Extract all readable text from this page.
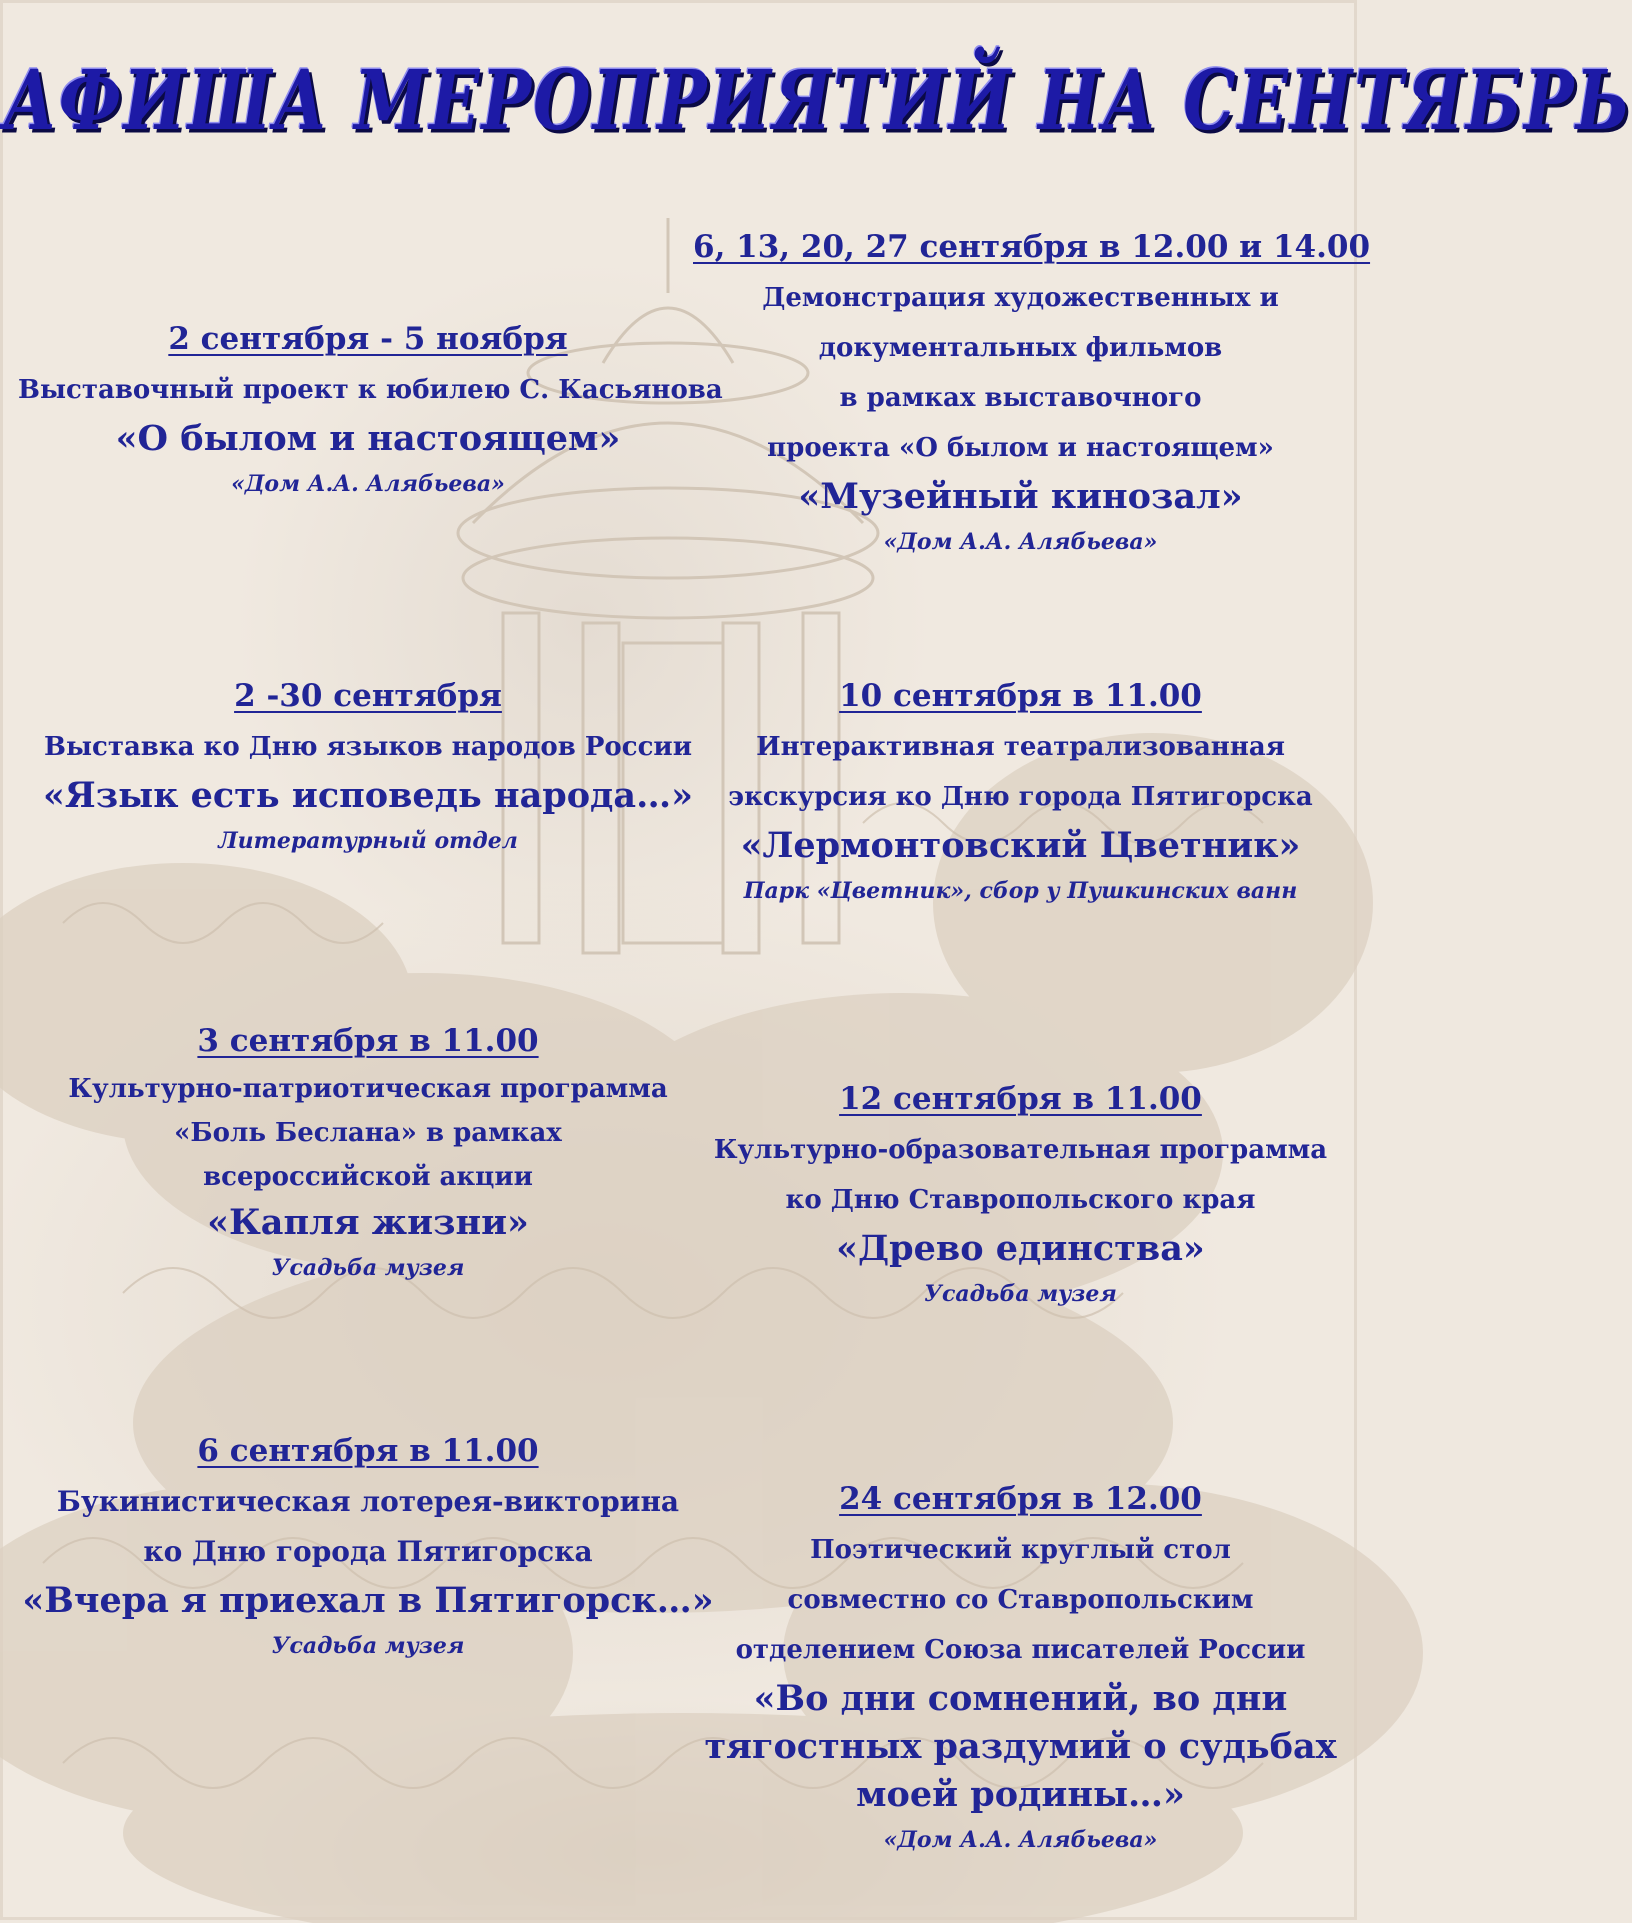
АФИША МЕРОПРИЯТИЙ НА СЕНТЯБРЬ
2 сентября - 5 ноября
Выставочный проект к юбилею С. Касьянова
«О былом и настоящем»
«Дом А.А. Алябьева»
6, 13, 20, 27 сентября в 12.00 и 14.00
Демонстрация художественных и
документальных фильмов
в рамках выставочного
проекта «О былом и настоящем»
«Музейный кинозал»
«Дом А.А. Алябьева»
2 -30 сентября
Выставка ко Дню языков народов России
«Язык есть исповедь народа…»
Литературный отдел
10 сентября в 11.00
Интерактивная театрализованная
экскурсия ко Дню города Пятигорска
«Лермонтовский Цветник»
Парк «Цветник», сбор у Пушкинских ванн
3 сентября в 11.00
Культурно-патриотическая программа
«Боль Беслана» в рамках
всероссийской акции
«Капля жизни»
Усадьба музея
12 сентября в 11.00
Культурно-образовательная программа
ко Дню Ставропольского края
«Древо единства»
Усадьба музея
6 сентября в 11.00
Букинистическая лотерея-викторина
ко Дню города Пятигорска
«Вчера я приехал в Пятигорск…»
Усадьба музея
24 сентября в 12.00
Поэтический круглый стол
совместно со Ставропольским
отделением Союза писателей России
«Во дни сомнений, во дни
тягостных раздумий о судьбах
моей родины…»
«Дом А.А. Алябьева»
